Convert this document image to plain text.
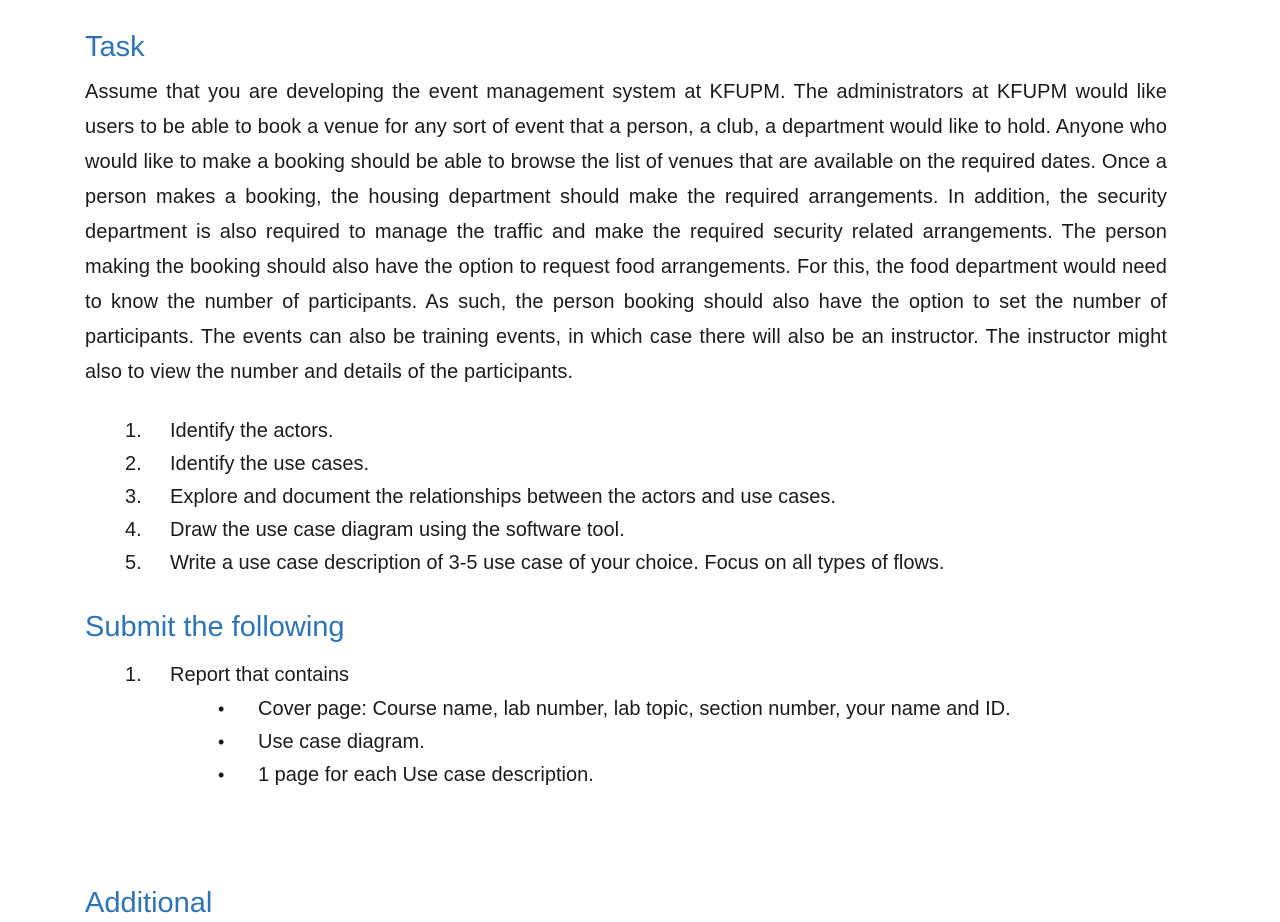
Task
Assume that you are developing the event management system at KFUPM. The administrators at KFUPM would like users to be able to book a venue for any sort of event that a person, a club, a department would like to hold. Anyone who would like to make a booking should be able to browse the list of venues that are available on the required dates. Once a person makes a booking, the housing department should make the required arrangements. In addition, the security department is also required to manage the traffic and make the required security related arrangements. The person making the booking should also have the option to request food arrangements. For this, the food department would need to know the number of participants. As such, the person booking should also have the option to set the number of participants. The events can also be training events, in which case there will also be an instructor. The instructor might also to view the number and details of the participants.
1. Identify the actors.
2. Identify the use cases.
3. Explore and document the relationships between the actors and use cases.
4. Draw the use case diagram using the software tool.
5. Write a use case description of 3-5 use case of your choice. Focus on all types of flows.
Submit the following
1. Report that contains
• Cover page: Course name, lab number, lab topic, section number, your name and ID.
• Use case diagram.
• 1 page for each Use case description.
Additional
